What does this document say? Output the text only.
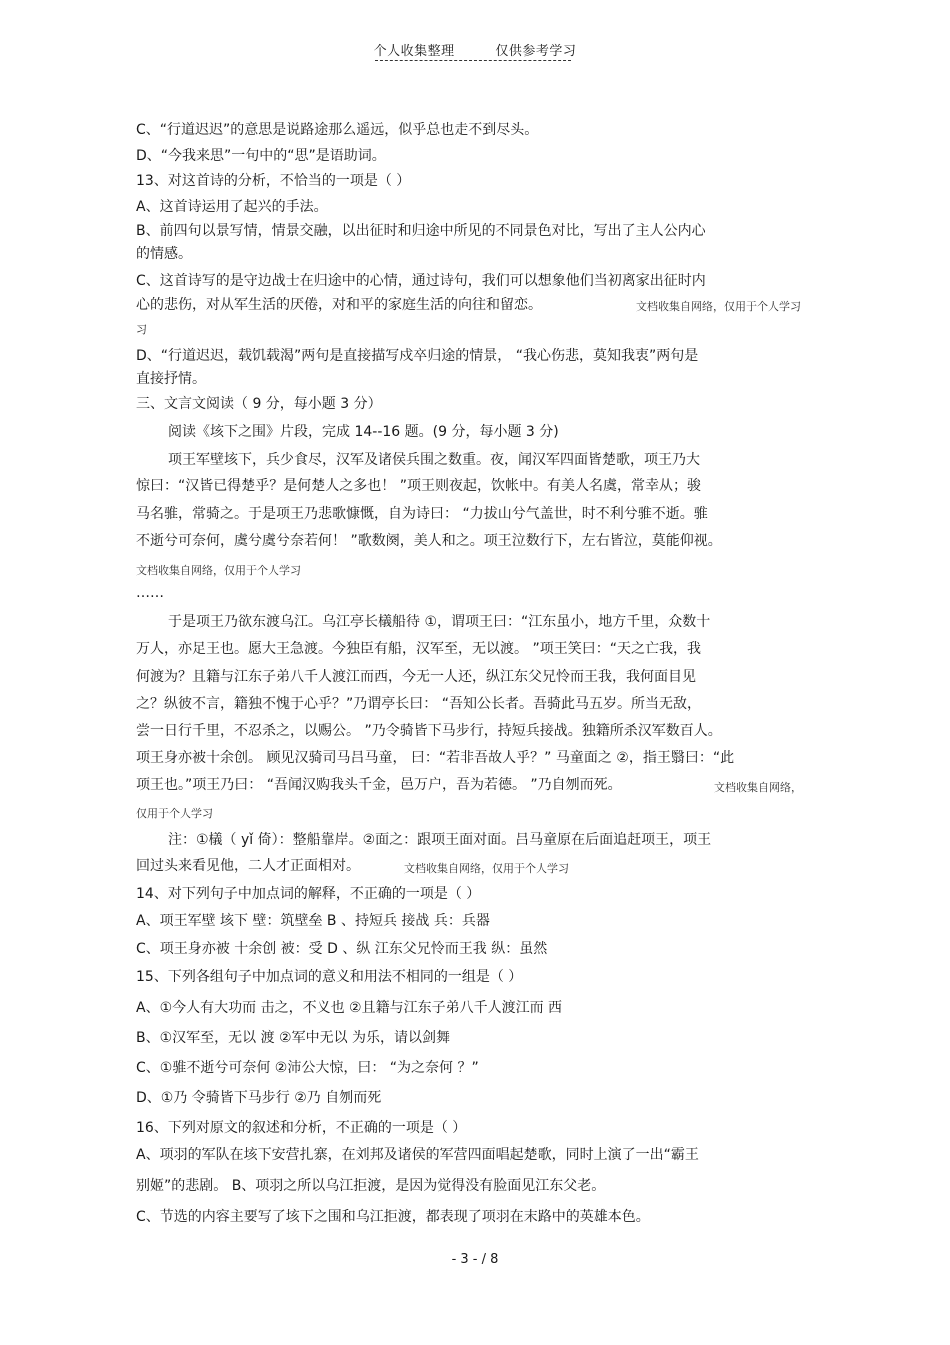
个人收集整理	仅供参考学习
C、“行道迟迟”的意思是说路途那么遥远，似乎总也走不到尽头。
D、“今我来思”一句中的“思”是语助词。
13、对这首诗的分析，不恰当的一项是（ ）
A、这首诗运用了起兴的手法。
B、前四句以景写情，情景交融，以出征时和归途中所见的不同景色对比，写出了主人公内心
的情感。
C、这首诗写的是守边战士在归途中的心情，通过诗句，我们可以想象他们当初离家出征时内
心的悲伤，对从军生活的厌倦，对和平的家庭生活的向往和留恋。	文档收集自网络，仅用于个人学习
习
D、“行道迟迟，载饥载渴”两句是直接描写戍卒归途的情景， “我心伤悲，莫知我衷”两句是
直接抒情。
三、文言文阅读（ 9 分，每小题 3 分）
阅读《垓下之围》片段，完成 14--16 题。(9 分，每小题 3 分)
项王军壁垓下，兵少食尽，汉军及诸侯兵围之数重。夜，闻汉军四面皆楚歌，项王乃大
惊曰：“汉皆已得楚乎？是何楚人之多也！ ”项王则夜起，饮帐中。有美人名虞，常幸从；骏
马名骓，常骑之。于是项王乃悲歌慷慨，自为诗曰： “力拔山兮气盖世，时不利兮骓不逝。骓
不逝兮可奈何，虞兮虞兮奈若何！ ”歌数阕，美人和之。项王泣数行下，左右皆泣，莫能仰视。
文档收集自网络，仅用于个人学习
……
于是项王乃欲东渡乌江。乌江亭长檥船待 ①，谓项王曰：“江东虽小，地方千里，众数十
万人，亦足王也。愿大王急渡。今独臣有船，汉军至，无以渡。 ”项王笑曰：“天之亡我，我
何渡为？且籍与江东子弟八千人渡江而西，今无一人还，纵江东父兄怜而王我，我何面目见
之？纵彼不言，籍独不愧于心乎？”乃谓亭长曰： “吾知公长者。吾骑此马五岁。所当无敌，
尝一日行千里，不忍杀之，以赐公。 ”乃令骑皆下马步行，持短兵接战。独籍所杀汉军数百人。
项王身亦被十余创。 顾见汉骑司马吕马童， 曰：“若非吾故人乎？” 马童面之 ②，指王翳曰：“此
项王也。”项王乃曰： “吾闻汉购我头千金，邑万户，吾为若德。 ”乃自刎而死。	文档收集自网络，
仅用于个人学习
注：①檥（ yǐ 倚）：整船靠岸。②面之：跟项王面对面。吕马童原在后面追赶项王，项王
回过头来看见他，二人才正面相对。	文档收集自网络，仅用于个人学习
14、对下列句子中加点词的解释，不正确的一项是（ ）
A、项王军壁 垓下 壁：筑壁垒 B 、持短兵 接战 兵：兵器
C、项王身亦被 十余创 被：受 D 、纵 江东父兄怜而王我 纵：虽然
15、下列各组句子中加点词的意义和用法不相同的一组是（ ）
A、①今人有大功而 击之，不义也 ②且籍与江东子弟八千人渡江而 西
B、①汉军至，无以 渡 ②军中无以 为乐，请以剑舞
C、①骓不逝兮可奈何 ②沛公大惊，曰： “为之奈何 ？”
D、①乃 令骑皆下马步行 ②乃 自刎而死
16、下列对原文的叙述和分析，不正确的一项是（ ）
A、项羽的军队在垓下安营扎寨，在刘邦及诸侯的军营四面唱起楚歌，同时上演了一出“霸王
别姬”的悲剧。 B、项羽之所以乌江拒渡，是因为觉得没有脸面见江东父老。
C、节选的内容主要写了垓下之围和乌江拒渡，都表现了项羽在末路中的英雄本色。
- 3 - / 8
